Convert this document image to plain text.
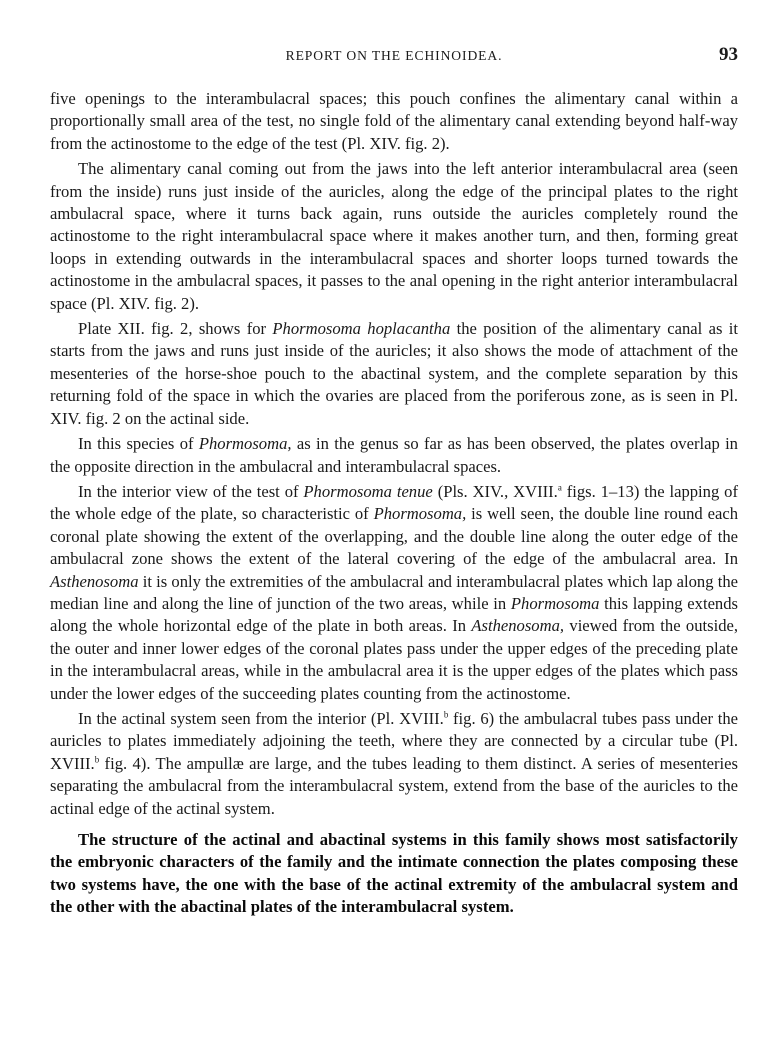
REPORT ON THE ECHINOIDEA.	93

five openings to the interambulacral spaces; this pouch confines the alimentary canal within a proportionally small area of the test, no single fold of the alimentary canal extending beyond half-way from the actinostome to the edge of the test (Pl. XIV. fig. 2).

The alimentary canal coming out from the jaws into the left anterior interambulacral area (seen from the inside) runs just inside of the auricles, along the edge of the principal plates to the right ambulacral space, where it turns back again, runs outside the auricles completely round the actinostome to the right interambulacral space where it makes another turn, and then, forming great loops in extending outwards in the interambulacral spaces and shorter loops turned towards the actinostome in the ambulacral spaces, it passes to the anal opening in the right anterior interambulacral space (Pl. XIV. fig. 2).

Plate XII. fig. 2, shows for Phormosoma hoplacantha the position of the alimentary canal as it starts from the jaws and runs just inside of the auricles; it also shows the mode of attachment of the mesenteries of the horse-shoe pouch to the abactinal system, and the complete separation by this returning fold of the space in which the ovaries are placed from the poriferous zone, as is seen in Pl. XIV. fig. 2 on the actinal side.

In this species of Phormosoma, as in the genus so far as has been observed, the plates overlap in the opposite direction in the ambulacral and interambulacral spaces.

In the interior view of the test of Phormosoma tenue (Pls. XIV., XVIII.$^a$ figs. 1–13) the lapping of the whole edge of the plate, so characteristic of Phormosoma, is well seen, the double line round each coronal plate showing the extent of the overlapping, and the double line along the outer edge of the ambulacral zone shows the extent of the lateral covering of the edge of the ambulacral area. In Asthenosoma it is only the extremities of the ambulacral and interambulacral plates which lap along the median line and along the line of junction of the two areas, while in Phormosoma this lapping extends along the whole horizontal edge of the plate in both areas. In Asthenosoma, viewed from the outside, the outer and inner lower edges of the coronal plates pass under the upper edges of the preceding plate in the interambulacral areas, while in the ambulacral area it is the upper edges of the plates which pass under the lower edges of the succeeding plates counting from the actinostome.

In the actinal system seen from the interior (Pl. XVIII.$^b$ fig. 6) the ambulacral tubes pass under the auricles to plates immediately adjoining the teeth, where they are connected by a circular tube (Pl. XVIII.$^b$ fig. 4). The ampullæ are large, and the tubes leading to them distinct. A series of mesenteries separating the ambulacral from the interambulacral system, extend from the base of the auricles to the actinal edge of the actinal system.

The structure of the actinal and abactinal systems in this family shows most satisfactorily the embryonic characters of the family and the intimate connection the plates composing these two systems have, the one with the base of the actinal extremity of the ambulacral system and the other with the abactinal plates of the interambulacral system.
